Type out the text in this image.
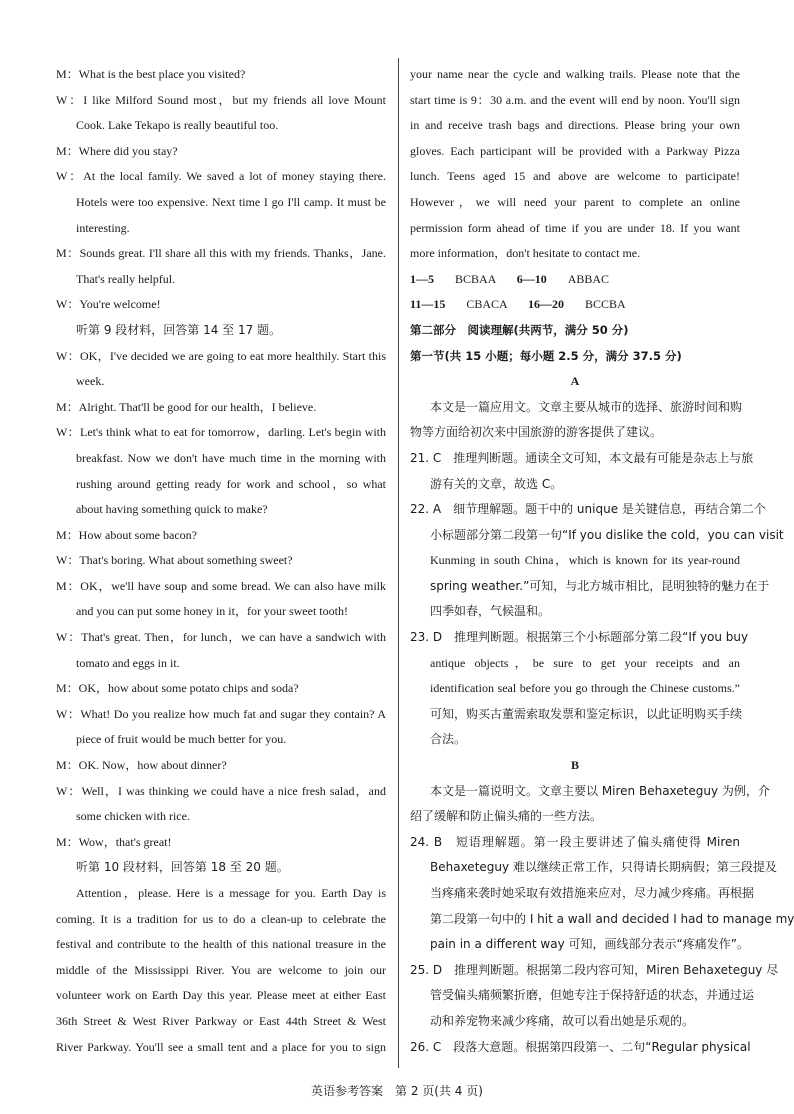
M：What is the best place you visited?
W：I like Milford Sound most，but my friends all love Mount
Cook. Lake Tekapo is really beautiful too.
M：Where did you stay?
W：At the local family. We saved a lot of money staying there.
Hotels were too expensive. Next time I go I'll camp. It must be
interesting.
M：Sounds great. I'll share all this with my friends. Thanks，Jane.
That's really helpful.
W：You're welcome!
听第 9 段材料，回答第 14 至 17 题。
W：OK，I've decided we are going to eat more healthily. Start this
week.
M：Alright. That'll be good for our health，I believe.
W：Let's think what to eat for tomorrow，darling. Let's begin with
breakfast. Now we don't have much time in the morning with
rushing around getting ready for work and school，so what
about having something quick to make?
M：How about some bacon?
W：That's boring. What about something sweet?
M：OK，we'll have soup and some bread. We can also have milk
and you can put some honey in it，for your sweet tooth!
W：That's great. Then，for lunch，we can have a sandwich with
tomato and eggs in it.
M：OK，how about some potato chips and soda?
W：What! Do you realize how much fat and sugar they contain? A
piece of fruit would be much better for you.
M：OK. Now，how about dinner?
W：Well，I was thinking we could have a nice fresh salad，and
some chicken with rice.
M：Wow，that's great!
听第 10 段材料，回答第 18 至 20 题。
Attention，please. Here is a message for you. Earth Day is
coming. It is a tradition for us to do a clean-up to celebrate the
festival and contribute to the health of this national treasure in the
middle of the Mississippi River. You are welcome to join our
volunteer work on Earth Day this year. Please meet at either East
36th Street & West River Parkway or East 44th Street & West
River Parkway. You'll see a small tent and a place for you to sign
your name near the cycle and walking trails. Please note that the
start time is 9：30 a.m. and the event will end by noon. You'll sign
in and receive trash bags and directions. Please bring your own
gloves. Each participant will be provided with a Parkway Pizza
lunch. Teens aged 15 and above are welcome to participate!
However，we will need your parent to complete an online
permission form ahead of time if you are under 18. If you want
more information，don't hesitate to contact me.
1—5 BCBAA 6—10 ABBAC
11—15 CBACA 16—20 BCCBA
第二部分　阅读理解(共两节，满分 50 分)
第一节(共 15 小题；每小题 2.5 分，满分 37.5 分)
A
本文是一篇应用文。文章主要从城市的选择、旅游时间和购
物等方面给初次来中国旅游的游客提供了建议。
21. C　推理判断题。通读全文可知，本文最有可能是杂志上与旅
游有关的文章，故选 C。
22. A　细节理解题。题干中的 unique 是关键信息，再结合第二个
小标题部分第二段第一句“If you dislike the cold，you can visit
Kunming in south China，which is known for its year-round
spring weather.”可知，与北方城市相比，昆明独特的魅力在于
四季如春，气候温和。
23. D　推理判断题。根据第三个小标题部分第二段“If you buy
antique objects，be sure to get your receipts and an
identification seal before you go through the Chinese customs.”
可知，购买古董需索取发票和鉴定标识，以此证明购买手续
合法。
B
本文是一篇说明文。文章主要以 Miren Behaxeteguy 为例，介
绍了缓解和防止偏头痛的一些方法。
24. B　短语理解题。第一段主要讲述了偏头痛使得 Miren
Behaxeteguy 难以继续正常工作，只得请长期病假；第三段提及
当疼痛来袭时她采取有效措施来应对，尽力减少疼痛。再根据
第二段第一句中的 I hit a wall and decided I had to manage my
pain in a different way 可知，画线部分表示“疼痛发作”。
25. D　推理判断题。根据第二段内容可知，Miren Behaxeteguy 尽
管受偏头痛频繁折磨，但她专注于保持舒适的状态，并通过运
动和养宠物来减少疼痛，故可以看出她是乐观的。
26. C　段落大意题。根据第四段第一、二句“Regular physical
英语参考答案　第 2 页(共 4 页)
